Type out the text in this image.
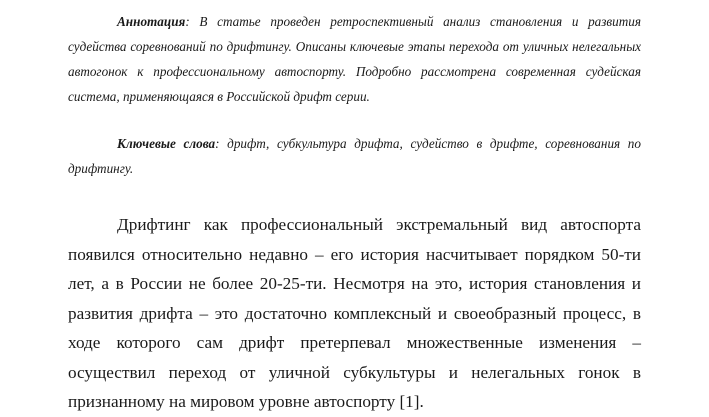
Аннотация: В статье проведен ретроспективный анализ становления и развития судейства соревнований по дрифтингу. Описаны ключевые этапы перехода от уличных нелегальных автогонок к профессиональному автоспорту. Подробно рассмотрена современная судейская система, применяющаяся в Российской дрифт серии.

Ключевые слова: дрифт, субкультура дрифта, судейство в дрифте, соревнования по дрифтингу.

Дрифтинг как профессиональный экстремальный вид автоспорта появился относительно недавно – его история насчитывает порядком 50-ти лет, а в России не более 20-25-ти. Несмотря на это, история становления и развития дрифта – это достаточно комплексный и своеобразный процесс, в ходе которого сам дрифт претерпевал множественные изменения – осуществил переход от уличной субкультуры и нелегальных гонок в признанному на мировом уровне автоспорту [1].
